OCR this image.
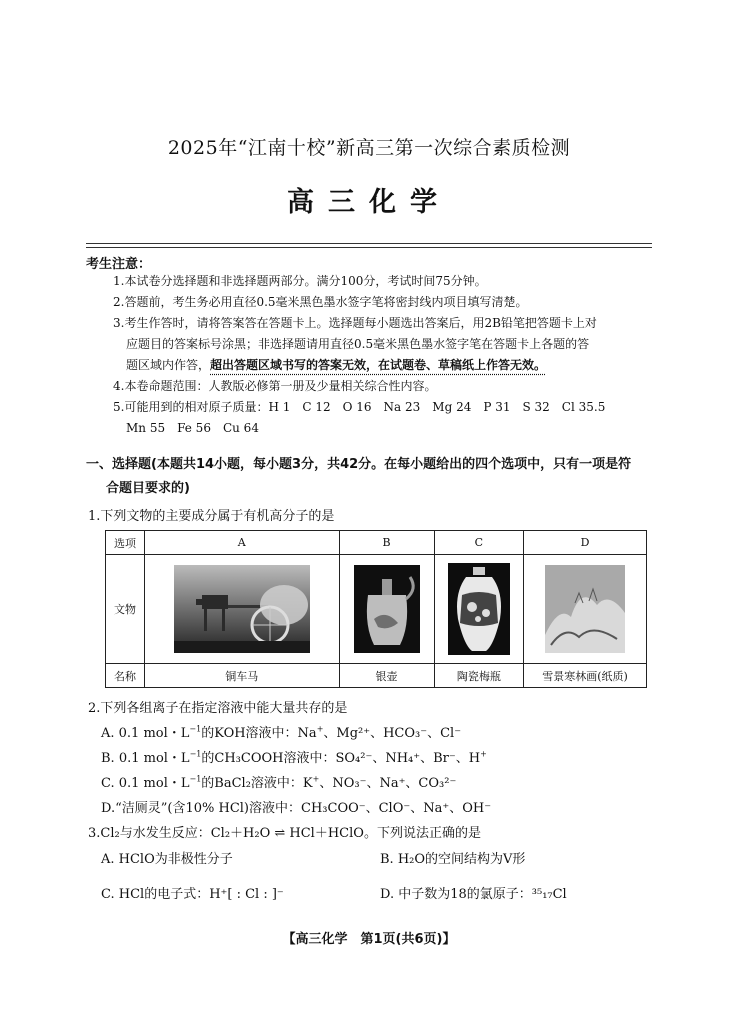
2025年“江南十校”新高三第一次综合素质检测
高三化学
考生注意：
1.本试卷分选择题和非选择题两部分。满分100分，考试时间75分钟。
2.答题前，考生务必用直径0.5毫米黑色墨水签字笔将密封线内项目填写清楚。
3.考生作答时，请将答案答在答题卡上。选择题每小题选出答案后，用2B铅笔把答题卡上对
应题目的答案标号涂黑；非选择题请用直径0.5毫米黑色墨水签字笔在答题卡上各题的答
题区域内作答，超出答题区域书写的答案无效，在试题卷、草稿纸上作答无效。
4.本卷命题范围：人教版必修第一册及少量相关综合性内容。
5.可能用到的相对原子质量：H 1　C 12　O 16　Na 23　Mg 24　P 31　S 32　Cl 35.5
Mn 55　Fe 56　Cu 64
一、选择题(本题共14小题，每小题3分，共42分。在每小题给出的四个选项中，只有一项是符
合题目要求的)
1.下列文物的主要成分属于有机高分子的是
选项	A	B	C	D
文物	

名称	铜车马	银壶	陶瓷梅瓶	雪景寒林画(纸质)
2.下列各组离子在指定溶液中能大量共存的是
A. 0.1 mol・$L^{-1}$的KOH溶液中：Na+、Mg²⁺、HCO₃⁻、Cl⁻
B. 0.1 mol・$L^{-1}$的CH₃COOH溶液中：SO₄²⁻、NH₄⁺、Br⁻、H+
C. 0.1 mol・$L^{-1}$的BaCl₂溶液中：K+、NO₃⁻、Na⁺、CO₃²⁻
D.“洁厕灵”(含10% HCl)溶液中：CH₃COO⁻、ClO⁻、Na⁺、OH⁻
3.Cl₂与水发生反应：Cl₂＋H₂O ⇌ HCl＋HClO。下列说法正确的是
A. HClO为非极性分子	B. H₂O的空间结构为V形
C. HCl的电子式：H⁺[ : Cl : ]⁻	D. 中子数为18的氯原子：³⁵₁₇Cl
【高三化学　第1页(共6页)】
